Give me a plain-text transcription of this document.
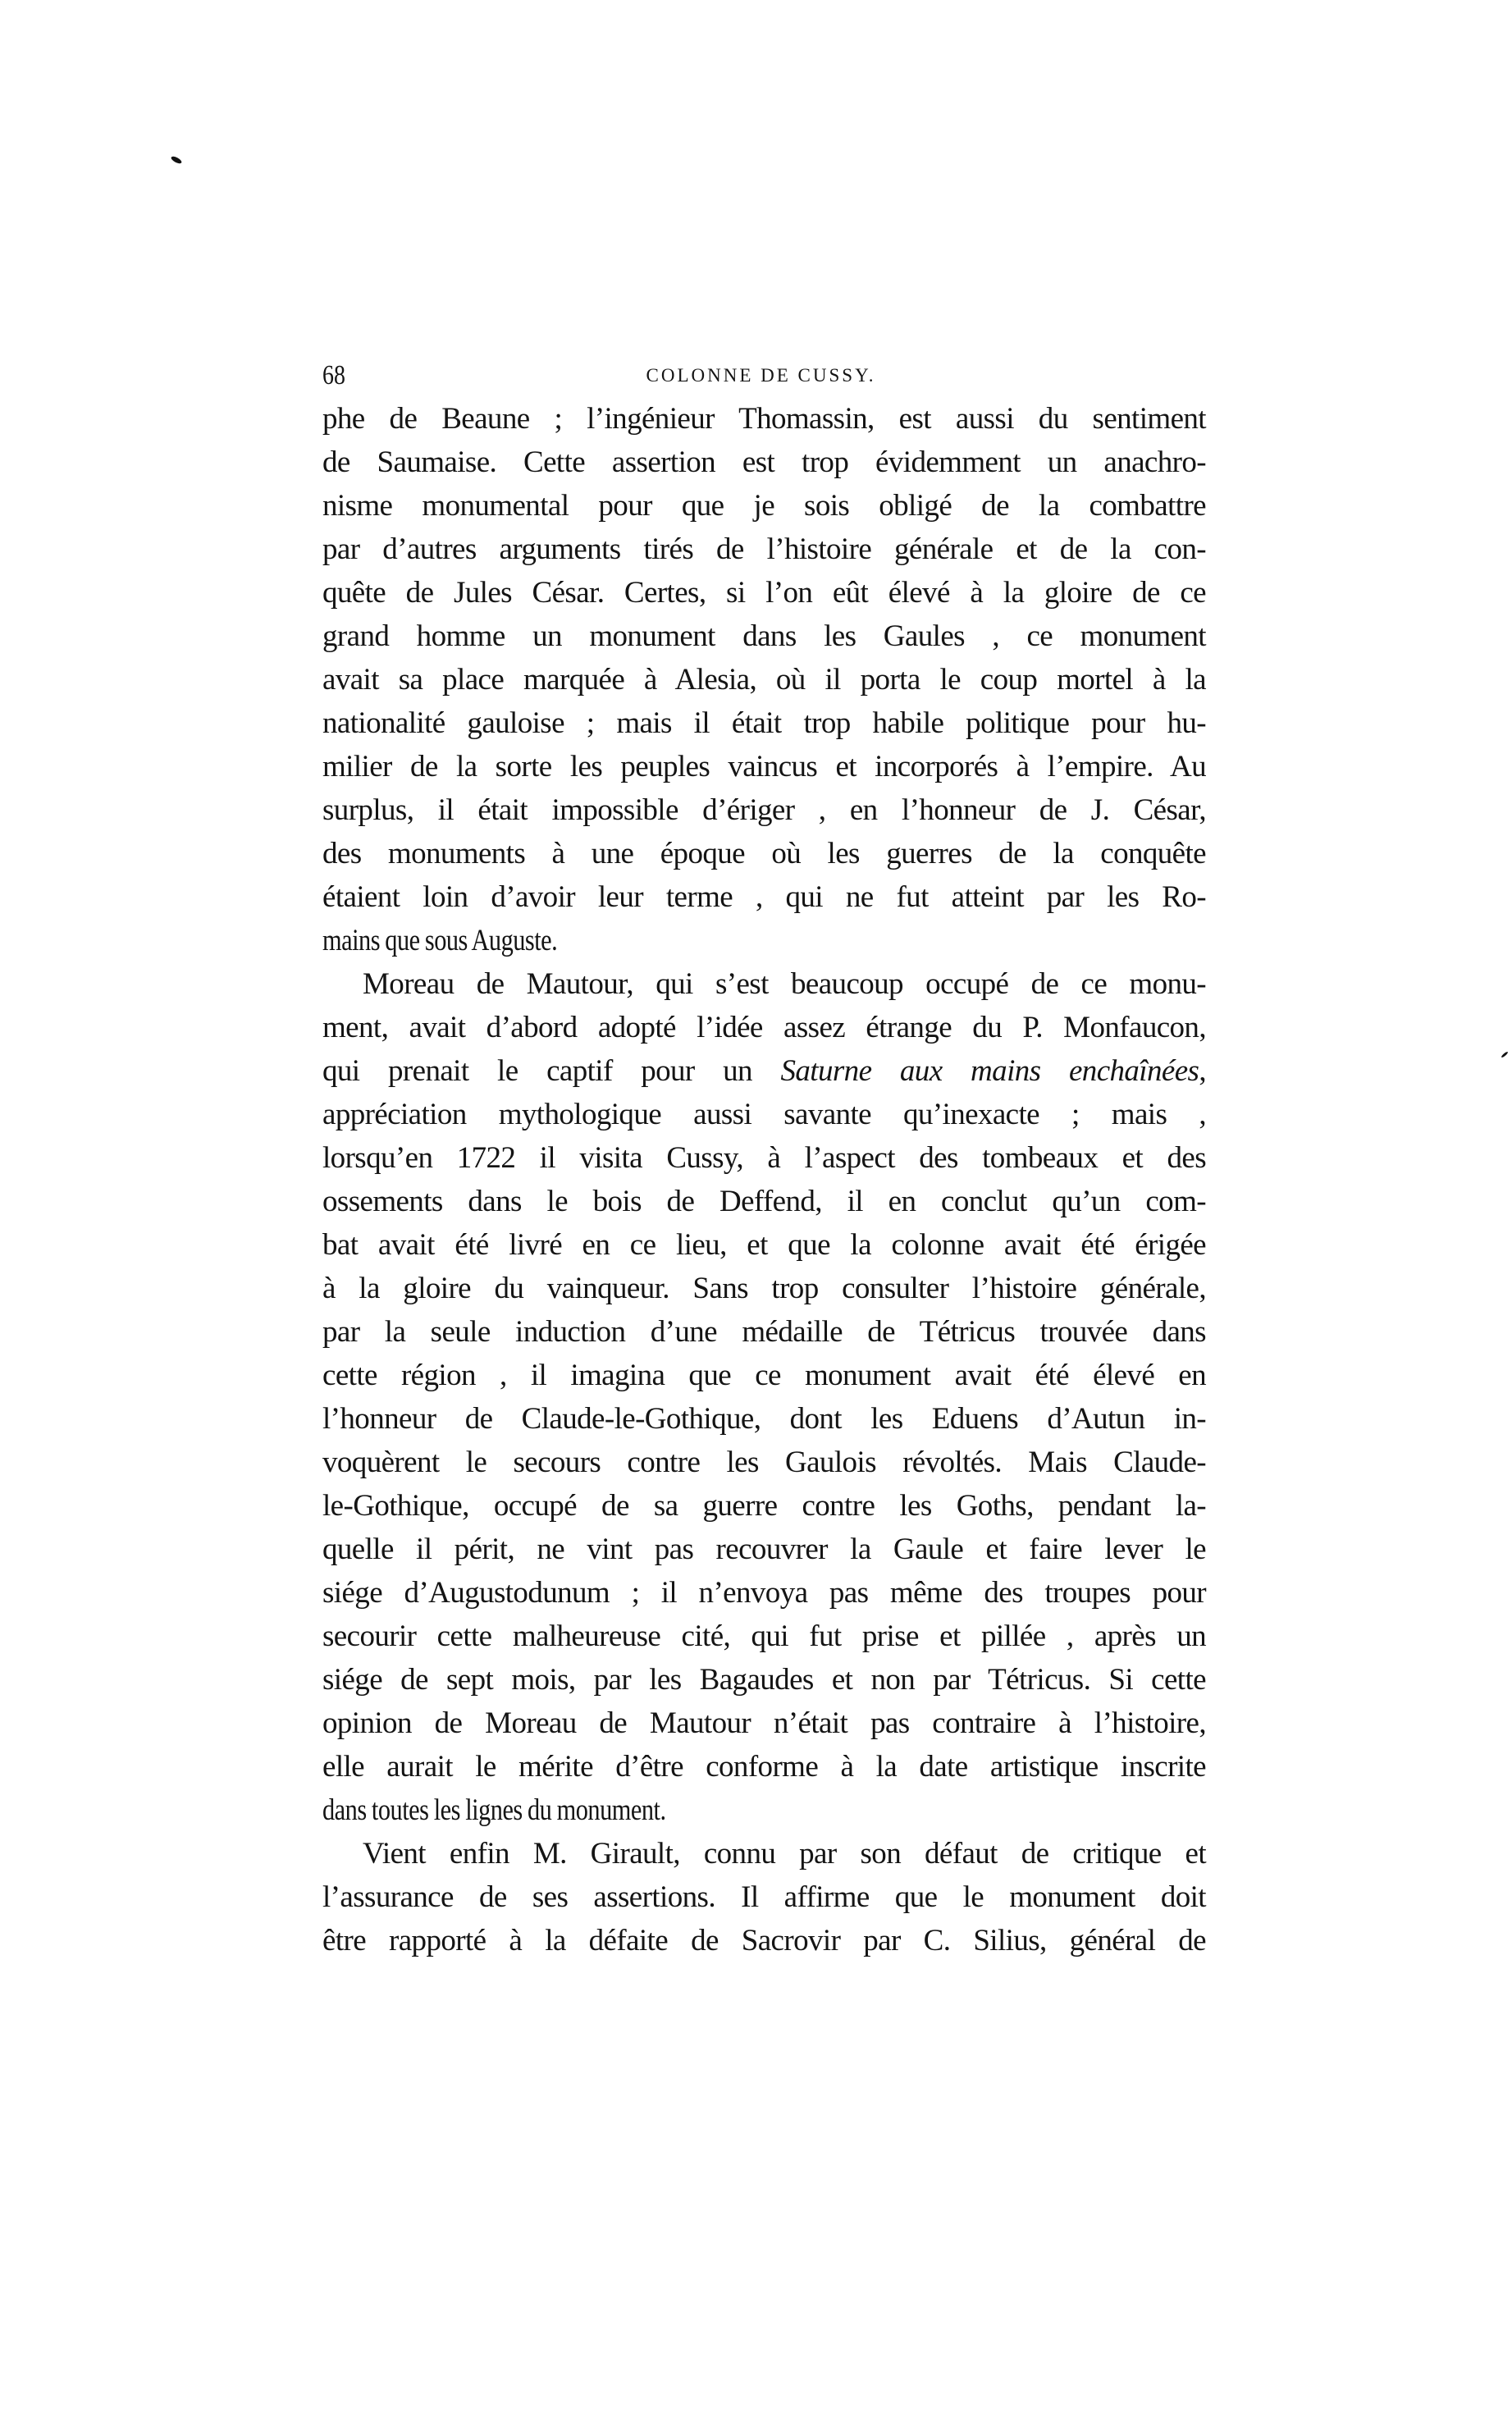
68	COLONNE DE CUSSY.
phe de Beaune ; l’ingénieur Thomassin, est aussi du sentiment
de Saumaise. Cette assertion est trop évidemment un anachro-
nisme monumental pour que je sois obligé de la combattre
par d’autres arguments tirés de l’histoire générale et de la con-
quête de Jules César. Certes, si l’on eût élevé à la gloire de ce
grand homme un monument dans les Gaules , ce monument
avait sa place marquée à Alesia, où il porta le coup mortel à la
nationalité gauloise ; mais il était trop habile politique pour hu-
milier de la sorte les peuples vaincus et incorporés à l’empire. Au
surplus, il était impossible d’ériger , en l’honneur de J. César,
des monuments à une époque où les guerres de la conquête
étaient loin d’avoir leur terme , qui ne fut atteint par les Ro-
mains que sous Auguste.
Moreau de Mautour, qui s’est beaucoup occupé de ce monu-
ment, avait d’abord adopté l’idée assez étrange du P. Monfaucon,
qui prenait le captif pour un Saturne aux mains enchaînées,
appréciation mythologique aussi savante qu’inexacte ; mais ,
lorsqu’en 1722 il visita Cussy, à l’aspect des tombeaux et des
ossements dans le bois de Deffend, il en conclut qu’un com-
bat avait été livré en ce lieu, et que la colonne avait été érigée
à la gloire du vainqueur. Sans trop consulter l’histoire générale,
par la seule induction d’une médaille de Tétricus trouvée dans
cette région , il imagina que ce monument avait été élevé en
l’honneur de Claude-le-Gothique, dont les Eduens d’Autun in-
voquèrent le secours contre les Gaulois révoltés. Mais Claude-
le-Gothique, occupé de sa guerre contre les Goths, pendant la-
quelle il périt, ne vint pas recouvrer la Gaule et faire lever le
siége d’Augustodunum ; il n’envoya pas même des troupes pour
secourir cette malheureuse cité, qui fut prise et pillée , après un
siége de sept mois, par les Bagaudes et non par Tétricus. Si cette
opinion de Moreau de Mautour n’était pas contraire à l’histoire,
elle aurait le mérite d’être conforme à la date artistique inscrite
dans toutes les lignes du monument.
Vient enfin M. Girault, connu par son défaut de critique et
l’assurance de ses assertions. Il affirme que le monument doit
être rapporté à la défaite de Sacrovir par C. Silius, général de
